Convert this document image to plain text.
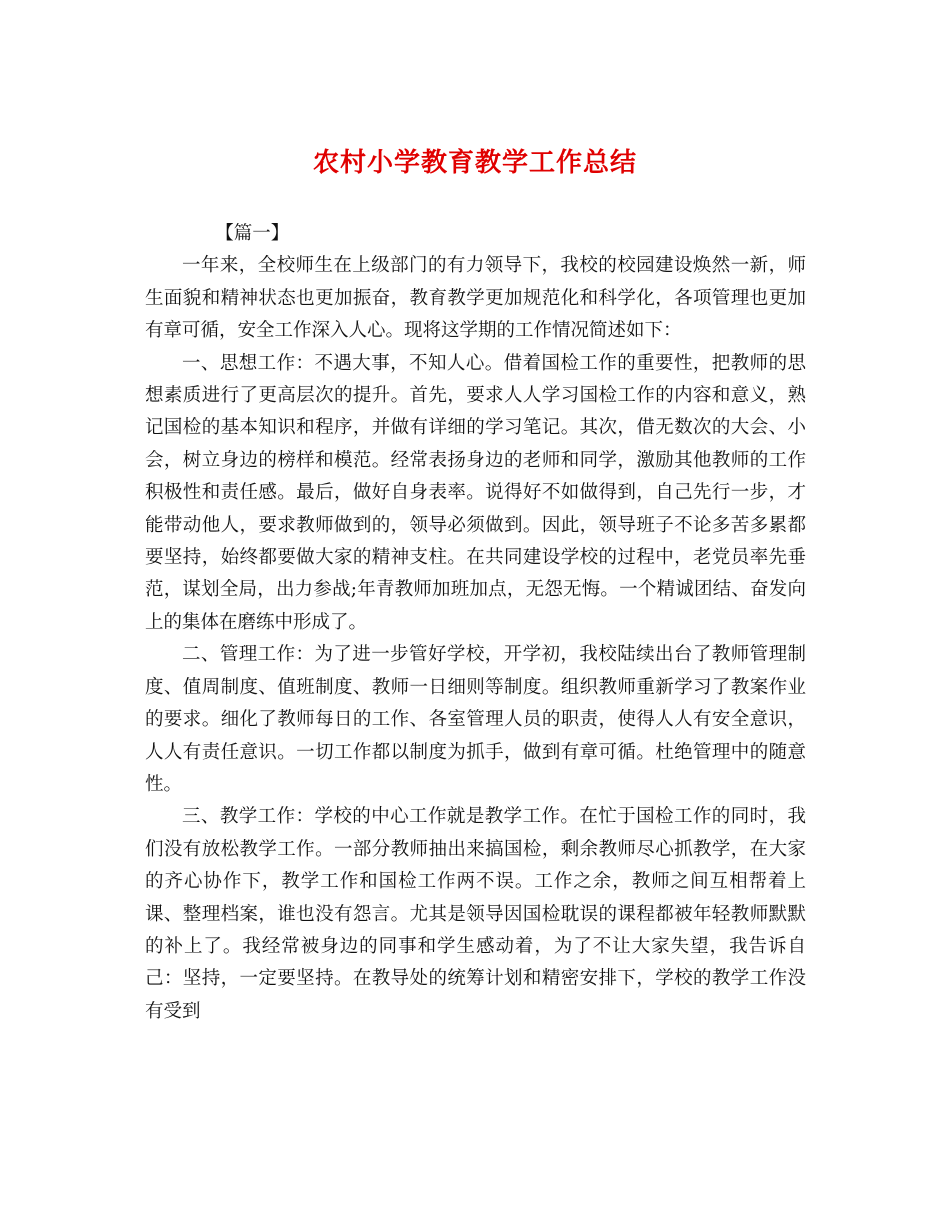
农村小学教育教学工作总结

【篇一】

一年来，全校师生在上级部门的有力领导下，我校的校园建设焕然一新，师生面貌和精神状态也更加振奋，教育教学更加规范化和科学化，各项管理也更加有章可循，安全工作深入人心。现将这学期的工作情况简述如下：

一、思想工作：不遇大事，不知人心。借着国检工作的重要性，把教师的思想素质进行了更高层次的提升。首先，要求人人学习国检工作的内容和意义，熟记国检的基本知识和程序，并做有详细的学习笔记。其次，借无数次的大会、小会，树立身边的榜样和模范。经常表扬身边的老师和同学，激励其他教师的工作积极性和责任感。最后，做好自身表率。说得好不如做得到，自己先行一步，才能带动他人，要求教师做到的，领导必须做到。因此，领导班子不论多苦多累都要坚持，始终都要做大家的精神支柱。在共同建设学校的过程中，老党员率先垂范，谋划全局，出力参战;年青教师加班加点，无怨无悔。一个精诚团结、奋发向上的集体在磨练中形成了。

二、管理工作：为了进一步管好学校，开学初，我校陆续出台了教师管理制度、值周制度、值班制度、教师一日细则等制度。组织教师重新学习了教案作业的要求。细化了教师每日的工作、各室管理人员的职责，使得人人有安全意识，人人有责任意识。一切工作都以制度为抓手，做到有章可循。杜绝管理中的随意性。

三、教学工作：学校的中心工作就是教学工作。在忙于国检工作的同时，我们没有放松教学工作。一部分教师抽出来搞国检，剩余教师尽心抓教学，在大家的齐心协作下，教学工作和国检工作两不误。工作之余，教师之间互相帮着上课、整理档案，谁也没有怨言。尤其是领导因国检耽误的课程都被年轻教师默默的补上了。我经常被身边的同事和学生感动着，为了不让大家失望，我告诉自己：坚持，一定要坚持。在教导处的统筹计划和精密安排下，学校的教学工作没有受到
